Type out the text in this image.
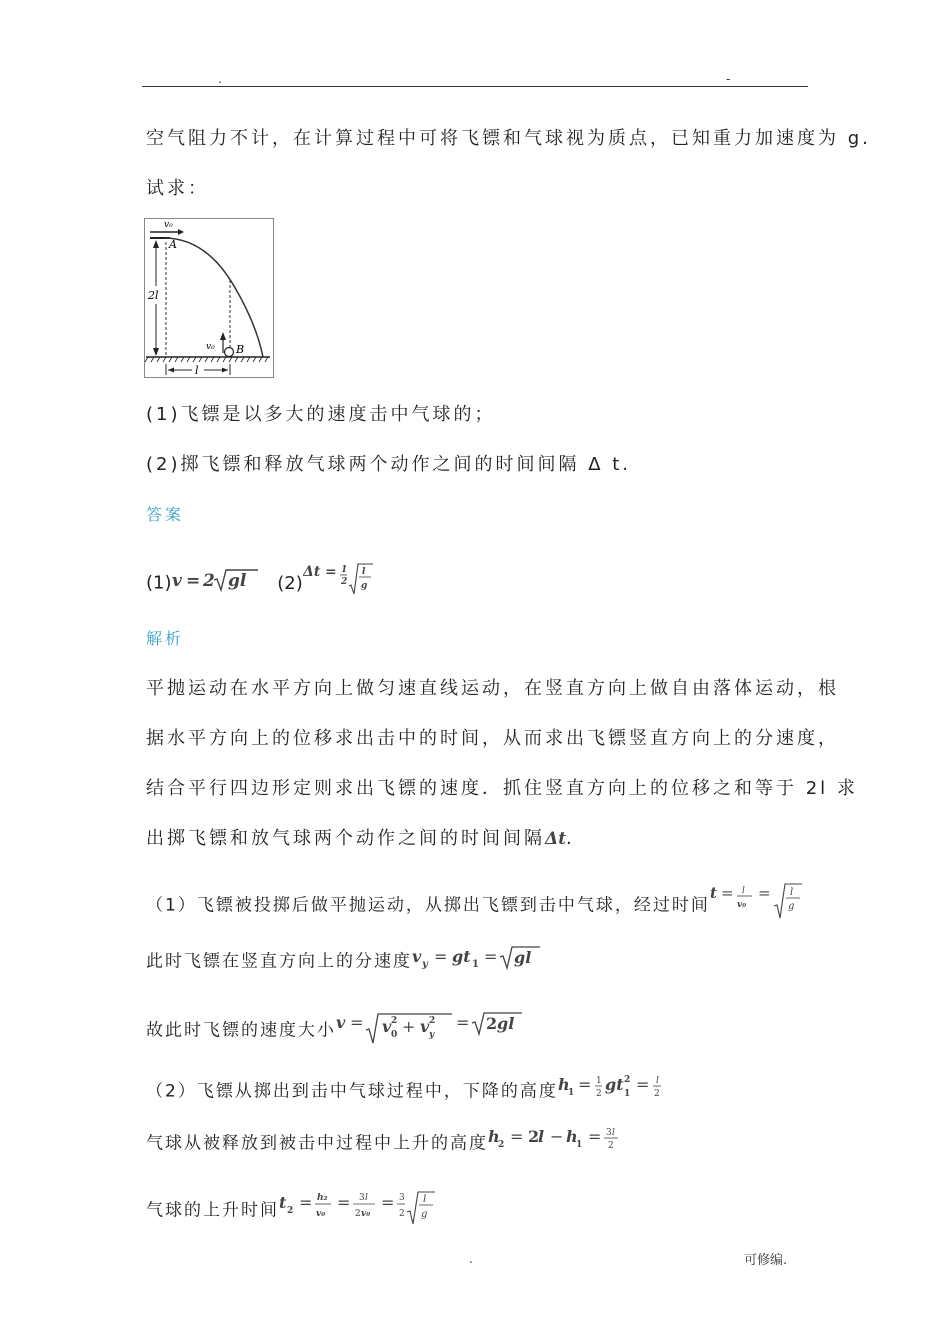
.	-
空气阻力不计，在计算过程中可将飞镖和气球视为质点，已知重力加速度为 g.
试求：
v₀
A
2l
v₀ B
l
(1)飞镖是以多大的速度击中气球的；
(2)掷飞镖和释放气球两个动作之间的时间间隔 Δ t.
答案
(1) v = 2 gl (2)
Δt = 1
2
l
g
解析
平抛运动在水平方向上做匀速直线运动，在竖直方向上做自由落体运动，根
据水平方向上的位移求出击中的时间，从而求出飞镖竖直方向上的分速度，
结合平行四边形定则求出飞镖的速度．抓住竖直方向上的位移之和等于 2l 求
出掷飞镖和放气球两个动作之间的时间间隔Δt.
（1）飞镖被投掷后做平抛运动，从掷出飞镖到击中气球，经过时间
t = l
v₀
= l
g
此时飞镖在竖直方向上的分速度 v y = gt 1 = gl
故此时飞镖的速度大小 v = v 2
0 + v 2
y
= 2 gl
（2）飞镖从掷出到击中气球过程中，下降的高度 h
1 = 1
2 gt 2
1 = l
2
气球从被释放到被击中过程中上升的高度 h
2 = 2
l − h
1 = 3 l
2
气球的上升时间 t 2 = h₂
v₀
= 3 l
2 v₀
= 3
2
l
g
.	可修编.
